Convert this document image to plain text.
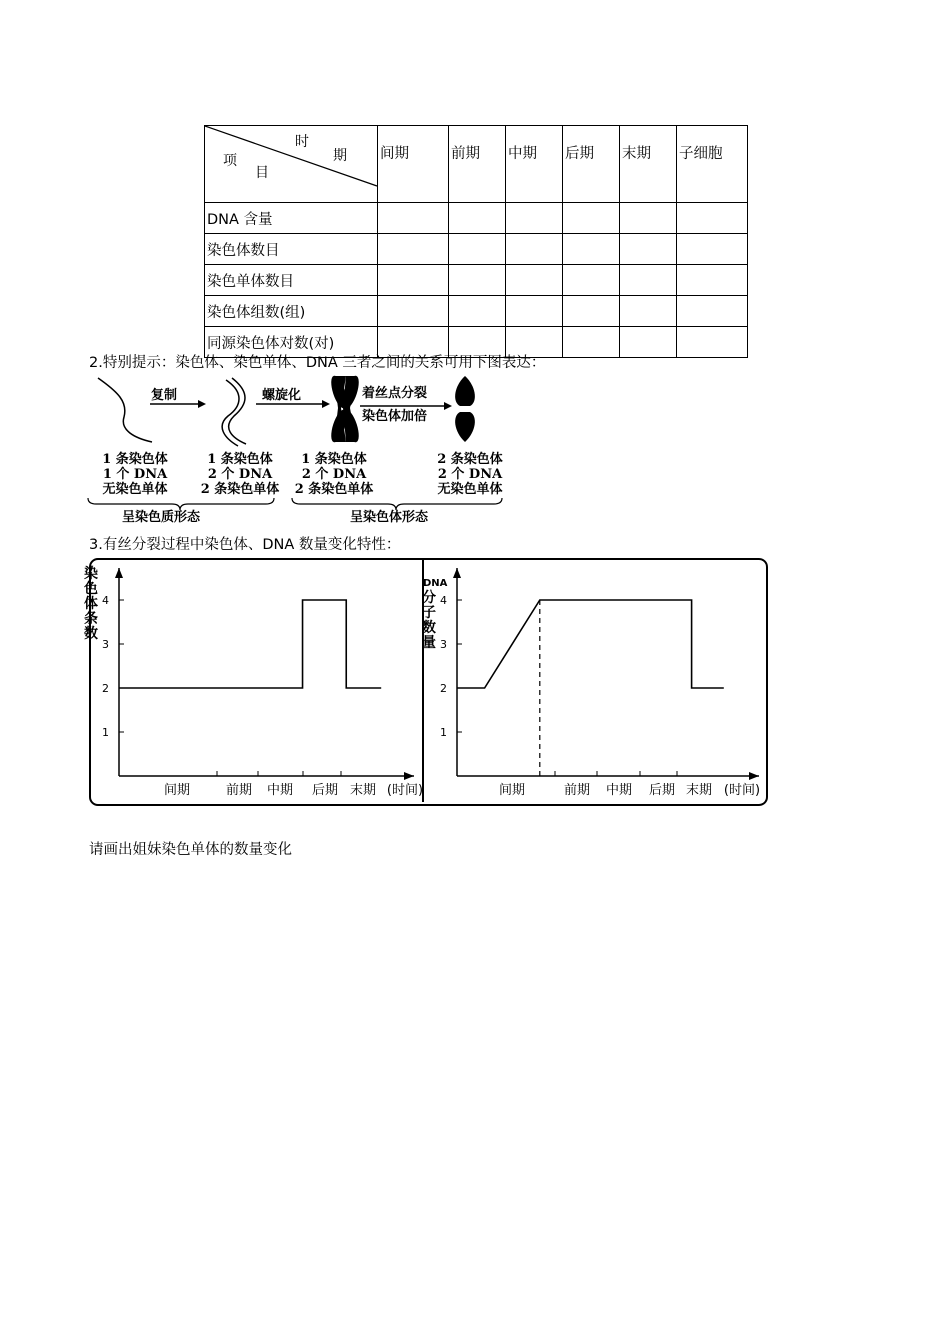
时
期
项
目	间期	前期	中期	后期	末期	子细胞
DNA 含量						
染色体数目						
染色单体数目						
染色体组数(组)						
同源染色体对数(对)						
2.特别提示：染色体、染色单体、DNA 三者之间的关系可用下图表达：
复制	螺旋化	着丝点分裂
染色体加倍
1 条染色体
1 个 DNA
无染色单体
1 条染色体
2 个 DNA
2 条染色单体
1 条染色体
2 个 DNA
2 条染色单体
2 条染色体
2 个 DNA
无染色单体
呈染色质形态	呈染色体形态
3.有丝分裂过程中染色体、DNA 数量变化特性：
1
2
3
4
间期	前期 中期 后期 末期 (时间)
染
色
体
条
数
1
2
3
4
间期	前期 中期 后期 末期 (时间)
DNA
分
子
数
量
请画出姐妹染色单体的数量变化
